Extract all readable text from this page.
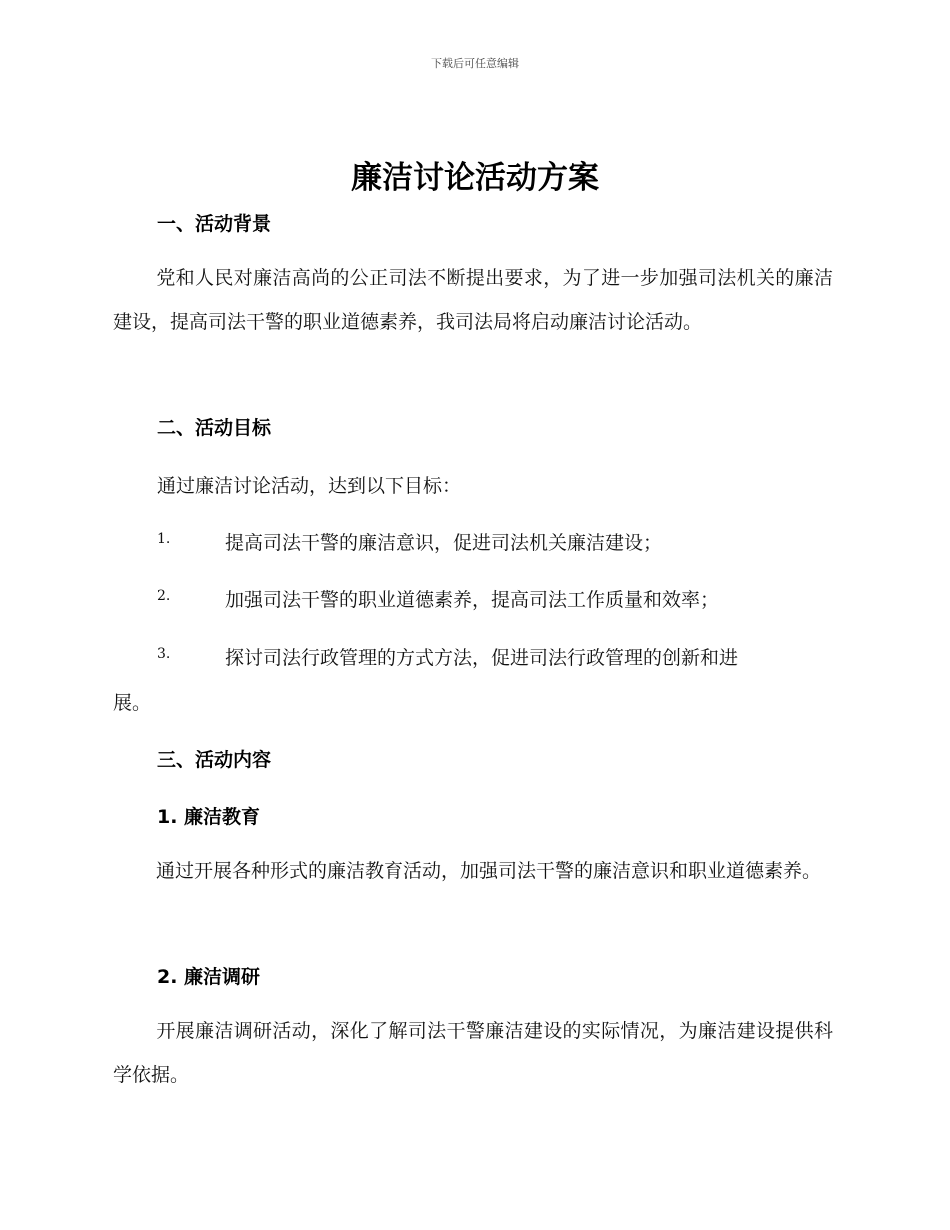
下载后可任意编辑
廉洁讨论活动方案
一、活动背景
党和人民对廉洁高尚的公正司法不断提出要求，为了进一步加强司法机关的廉洁建设，提高司法干警的职业道德素养，我司法局将启动廉洁讨论活动。
二、活动目标
通过廉洁讨论活动，达到以下目标：
1.	提高司法干警的廉洁意识，促进司法机关廉洁建设；
2.	加强司法干警的职业道德素养，提高司法工作质量和效率；
3.	探讨司法行政管理的方式方法，促进司法行政管理的创新和进
展。
三、活动内容
1. 廉洁教育
通过开展各种形式的廉洁教育活动，加强司法干警的廉洁意识和职业道德素养。
2. 廉洁调研
开展廉洁调研活动，深化了解司法干警廉洁建设的实际情况，为廉洁建设提供科学依据。
